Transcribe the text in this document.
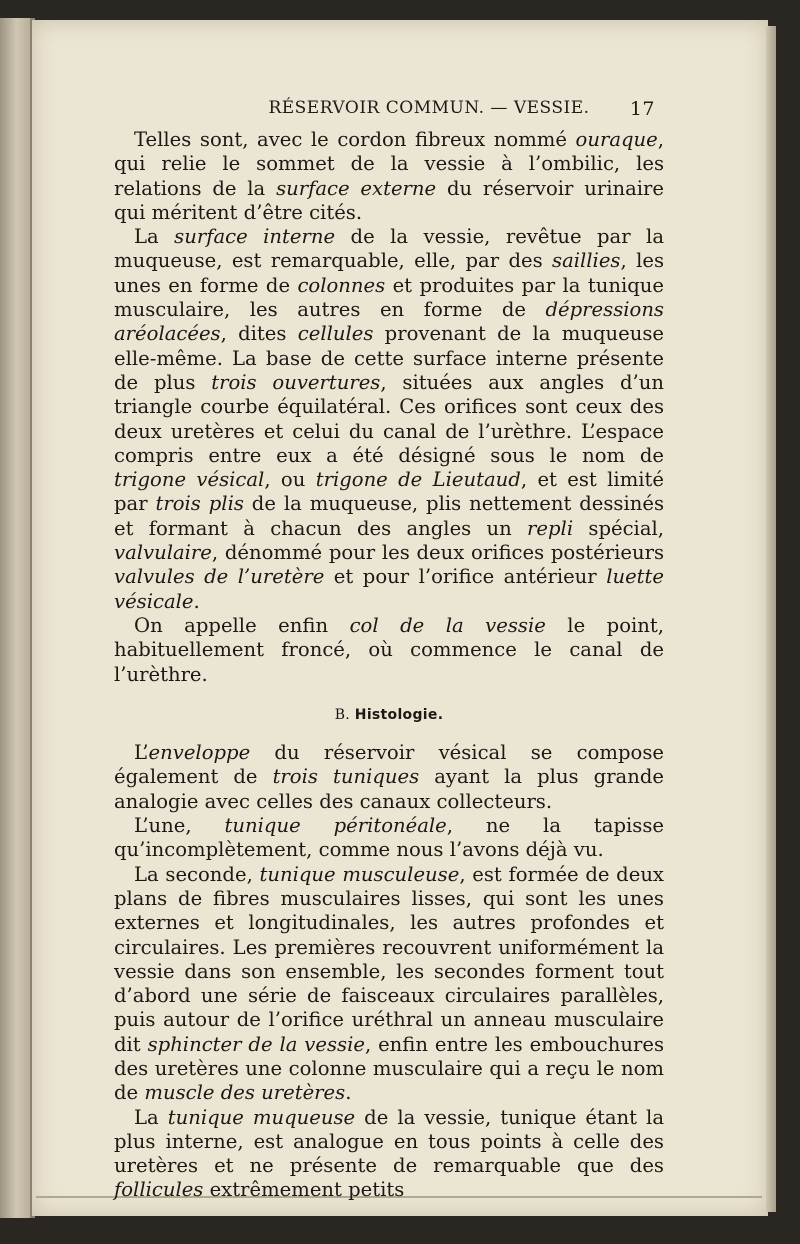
RÉSERVOIR COMMUN. — VESSIE.	17

Telles sont, avec le cordon fibreux nommé ouraque, qui relie le sommet de la vessie à l’ombilic, les relations de la surface externe du réservoir urinaire qui méritent d’être cités.

La surface interne de la vessie, revêtue par la muqueuse, est remarquable, elle, par des saillies, les unes en forme de colonnes et produites par la tunique musculaire, les autres en forme de dépressions aréolacées, dites cellules provenant de la muqueuse elle-même. La base de cette surface interne présente de plus trois ouvertures, situées aux angles d’un triangle courbe équilatéral. Ces orifices sont ceux des deux uretères et celui du canal de l’urèthre. L’espace compris entre eux a été désigné sous le nom de trigone vésical, ou trigone de Lieutaud, et est limité par trois plis de la muqueuse, plis nettement dessinés et formant à chacun des angles un repli spécial, valvulaire, dénommé pour les deux orifices postérieurs valvules de l’uretère et pour l’orifice antérieur luette vésicale.

On appelle enfin col de la vessie le point, habituellement froncé, où commence le canal de l’urèthre.

B. Histologie.

L’enveloppe du réservoir vésical se compose également de trois tuniques ayant la plus grande analogie avec celles des canaux collecteurs.

L’une, tunique péritonéale, ne la tapisse qu’incomplètement, comme nous l’avons déjà vu.

La seconde, tunique musculeuse, est formée de deux plans de fibres musculaires lisses, qui sont les unes externes et longitudinales, les autres profondes et circulaires. Les premières recouvrent uniformément la vessie dans son ensemble, les secondes forment tout d’abord une série de faisceaux circulaires parallèles, puis autour de l’orifice uréthral un anneau musculaire dit sphincter de la vessie, enfin entre les embouchures des uretères une colonne musculaire qui a reçu le nom de muscle des uretères.

La tunique muqueuse de la vessie, tunique étant la plus interne, est analogue en tous points à celle des uretères et ne présente de remarquable que des follicules extrêmement petits
